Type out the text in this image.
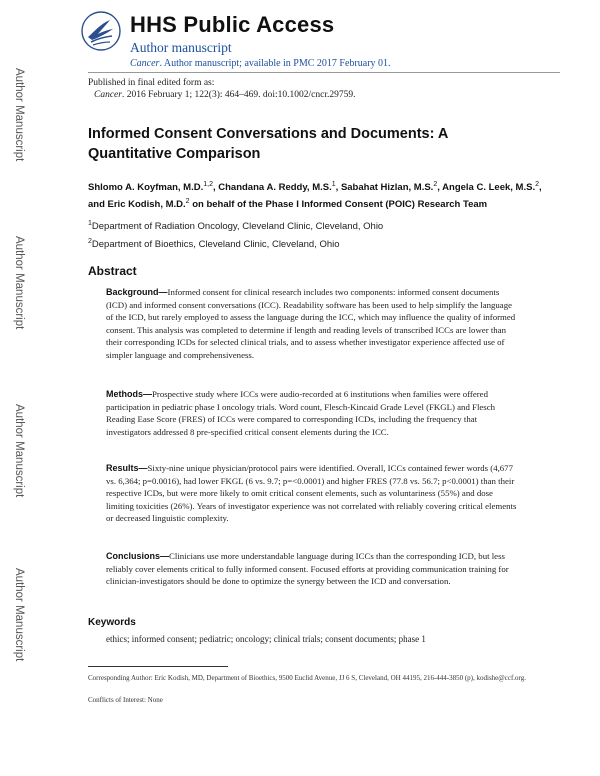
Author Manuscript
Author Manuscript
Author Manuscript
Author Manuscript
HHS Public Access
Author manuscript
Cancer. Author manuscript; available in PMC 2017 February 01.
Published in final edited form as:
Cancer. 2016 February 1; 122(3): 464–469. doi:10.1002/cncr.29759.
Informed Consent Conversations and Documents: A Quantitative Comparison
Shlomo A. Koyfman, M.D.$^{1,2}$, Chandana A. Reddy, M.S.$^1$, Sabahat Hizlan, M.S.$^2$, Angela C. Leek, M.S.$^2$, and Eric Kodish, M.D.$^2$ on behalf of the Phase I Informed Consent (POIC) Research Team
$^1$Department of Radiation Oncology, Cleveland Clinic, Cleveland, Ohio
$^2$Department of Bioethics, Cleveland Clinic, Cleveland, Ohio
Abstract
Background—Informed consent for clinical research includes two components: informed consent documents (ICD) and informed consent conversations (ICC). Readability software has been used to help simplify the language of the ICD, but rarely employed to assess the language during the ICC, which may influence the quality of informed consent. This analysis was completed to determine if length and reading levels of transcribed ICCs are lower than their corresponding ICDs for selected clinical trials, and to assess whether investigator experience affected use of simpler language and comprehensiveness.
Methods—Prospective study where ICCs were audio-recorded at 6 institutions when families were offered participation in pediatric phase I oncology trials. Word count, Flesch-Kincaid Grade Level (FKGL) and Flesch Reading Ease Score (FRES) of ICCs were compared to corresponding ICDs, including the frequency that investigators addressed 8 pre-specified critical consent elements during the ICC.
Results—Sixty-nine unique physician/protocol pairs were identified. Overall, ICCs contained fewer words (4,677 vs. 6,364; p=0.0016), had lower FKGL (6 vs. 9.7; p=<0.0001) and higher FRES (77.8 vs. 56.7; p<0.0001) than their respective ICDs, but were more likely to omit critical consent elements, such as voluntariness (55%) and dose limiting toxicities (26%). Years of investigator experience was not correlated with reliably covering critical elements or decreased linguistic complexity.
Conclusions—Clinicians use more understandable language during ICCs than the corresponding ICD, but less reliably cover elements critical to fully informed consent. Focused efforts at providing communication training for clinician-investigators should be done to optimize the synergy between the ICD and conversation.
Keywords
ethics; informed consent; pediatric; oncology; clinical trials; consent documents; phase 1
Corresponding Author: Eric Kodish, MD, Department of Bioethics, 9500 Euclid Avenue, JJ 6 S, Cleveland, OH 44195, 216-444-3850 (p), kodishe@ccf.org.
Conflicts of Interest: None
